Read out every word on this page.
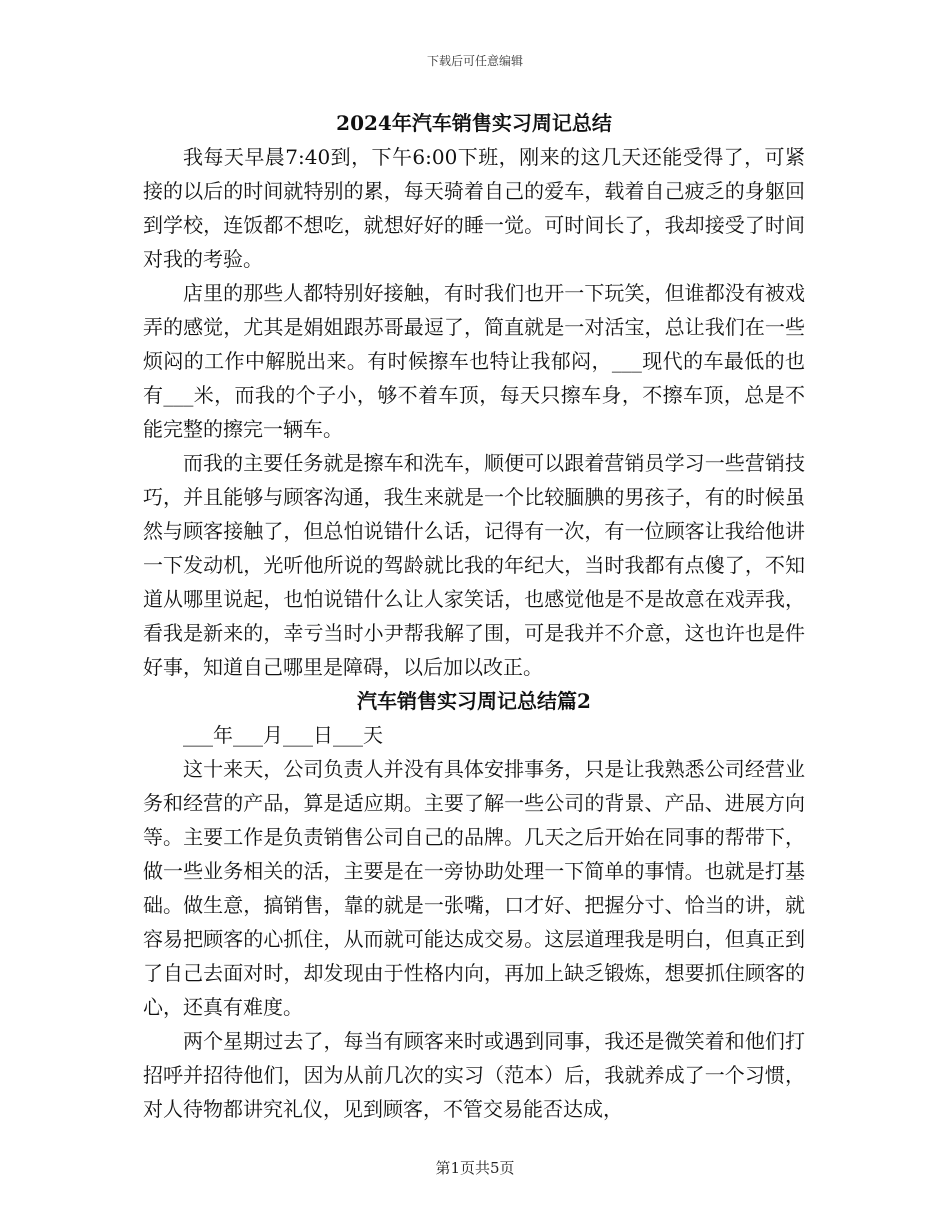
下载后可任意编辑
2024年汽车销售实习周记总结

我每天早晨7:40到，下午6:00下班，刚来的这几天还能受得了，可紧接的以后的时间就特别的累，每天骑着自己的爱车，载着自己疲乏的身躯回到学校，连饭都不想吃，就想好好的睡一觉。可时间长了，我却接受了时间对我的考验。

店里的那些人都特别好接触，有时我们也开一下玩笑，但谁都没有被戏弄的感觉，尤其是娟姐跟苏哥最逗了，简直就是一对活宝，总让我们在一些烦闷的工作中解脱出来。有时候擦车也特让我郁闷，___现代的车最低的也有___米，而我的个子小，够不着车顶，每天只擦车身，不擦车顶，总是不能完整的擦完一辆车。

而我的主要任务就是擦车和洗车，顺便可以跟着营销员学习一些营销技巧，并且能够与顾客沟通，我生来就是一个比较腼腆的男孩子，有的时候虽然与顾客接触了，但总怕说错什么话，记得有一次，有一位顾客让我给他讲一下发动机，光听他所说的驾龄就比我的年纪大，当时我都有点傻了，不知道从哪里说起，也怕说错什么让人家笑话，也感觉他是不是故意在戏弄我，看我是新来的，幸亏当时小尹帮我解了围，可是我并不介意，这也许也是件好事，知道自己哪里是障碍，以后加以改正。

汽车销售实习周记总结篇2

___年___月___日___天

这十来天，公司负责人并没有具体安排事务，只是让我熟悉公司经营业务和经营的产品，算是适应期。主要了解一些公司的背景、产品、进展方向等。主要工作是负责销售公司自己的品牌。几天之后开始在同事的帮带下，做一些业务相关的活，主要是在一旁协助处理一下简单的事情。也就是打基础。做生意，搞销售，靠的就是一张嘴，口才好、把握分寸、恰当的讲，就容易把顾客的心抓住，从而就可能达成交易。这层道理我是明白，但真正到了自己去面对时，却发现由于性格内向，再加上缺乏锻炼，想要抓住顾客的心，还真有难度。

两个星期过去了，每当有顾客来时或遇到同事，我还是微笑着和他们打招呼并招待他们，因为从前几次的实习（范本）后，我就养成了一个习惯，对人待物都讲究礼仪，见到顾客，不管交易能否达成，

第1页共5页
